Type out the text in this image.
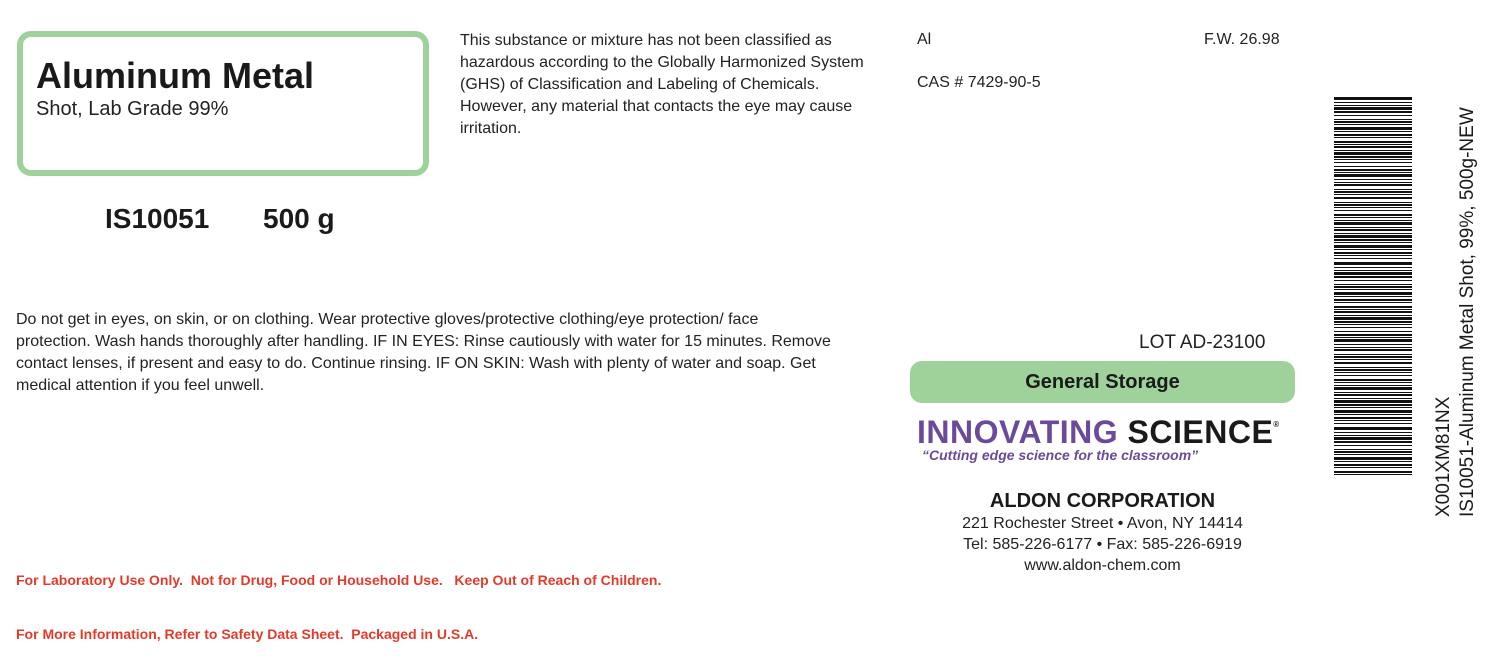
Aluminum Metal
Shot, Lab Grade 99%
IS10051 500 g
This substance or mixture has not been classified as hazardous according to the Globally Harmonized System (GHS) of Classification and Labeling of Chemicals. However, any material that contacts the eye may cause irritation.
Al	F.W. 26.98
CAS # 7429-90-5
Do not get in eyes, on skin, or on clothing. Wear protective gloves/protective clothing/eye protection/ face protection. Wash hands thoroughly after handling. IF IN EYES: Rinse cautiously with water for 15 minutes. Remove contact lenses, if present and easy to do. Continue rinsing. IF ON SKIN: Wash with plenty of water and soap. Get medical attention if you feel unwell.
LOT AD-23100
General Storage
INNOVATING SCIENCE®
“Cutting edge science for the classroom”
ALDON CORPORATION
221 Rochester Street • Avon, NY 14414
Tel: 585-226-6177 • Fax: 585-226-6919
www.aldon-chem.com

For Laboratory Use Only.  Not for Drug, Food or Household Use.   Keep Out of Reach of Children.

For More Information, Refer to Safety Data Sheet.  Packaged in U.S.A.

X001XM81NX IS10051-Aluminum Metal Shot, 99%, 500g-NEW
